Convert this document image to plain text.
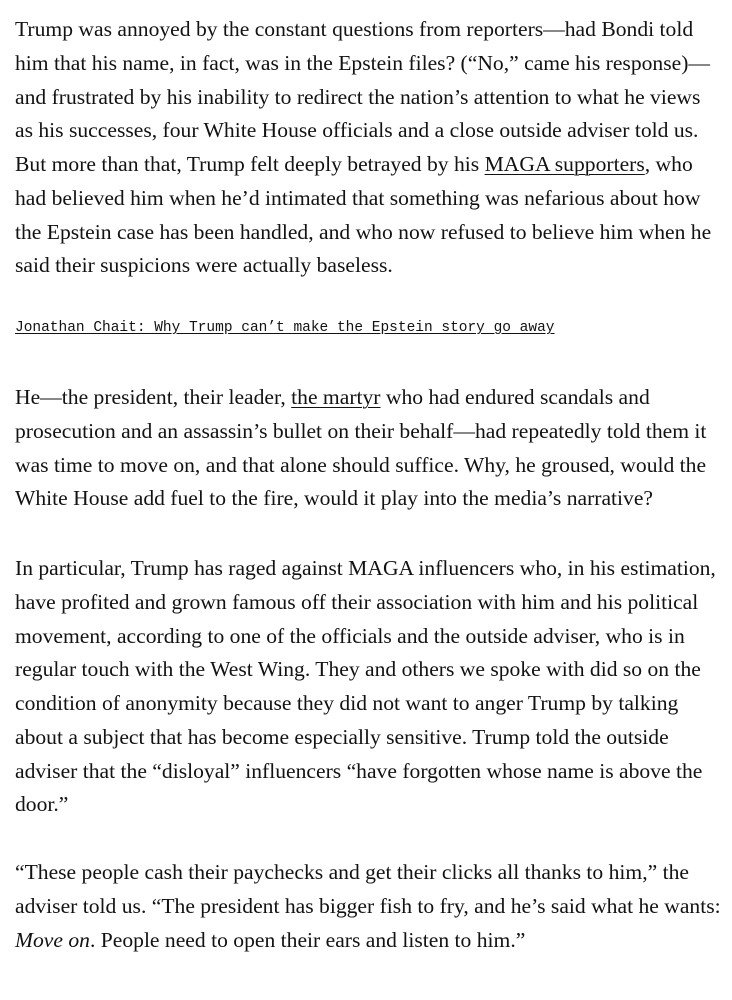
Trump was annoyed by the constant questions from reporters—had Bondi told him that his name, in fact, was in the Epstein files? (“No,” came his response)—and frustrated by his inability to redirect the nation’s attention to what he views as his successes, four White House officials and a close outside adviser told us. But more than that, Trump felt deeply betrayed by his MAGA supporters, who had believed him when he’d intimated that something was nefarious about how the Epstein case has been handled, and who now refused to believe him when he said their suspicions were actually baseless.

Jonathan Chait: Why Trump can’t make the Epstein story go away

He—the president, their leader, the martyr who had endured scandals and prosecution and an assassin’s bullet on their behalf—had repeatedly told them it was time to move on, and that alone should suffice. Why, he groused, would the White House add fuel to the fire, would it play into the media’s narrative?

In particular, Trump has raged against MAGA influencers who, in his estimation, have profited and grown famous off their association with him and his political movement, according to one of the officials and the outside adviser, who is in regular touch with the West Wing. They and others we spoke with did so on the condition of anonymity because they did not want to anger Trump by talking about a subject that has become especially sensitive. Trump told the outside adviser that the “disloyal” influencers “have forgotten whose name is above the door.”

“These people cash their paychecks and get their clicks all thanks to him,” the adviser told us. “The president has bigger fish to fry, and he’s said what he wants: Move on. People need to open their ears and listen to him.”
